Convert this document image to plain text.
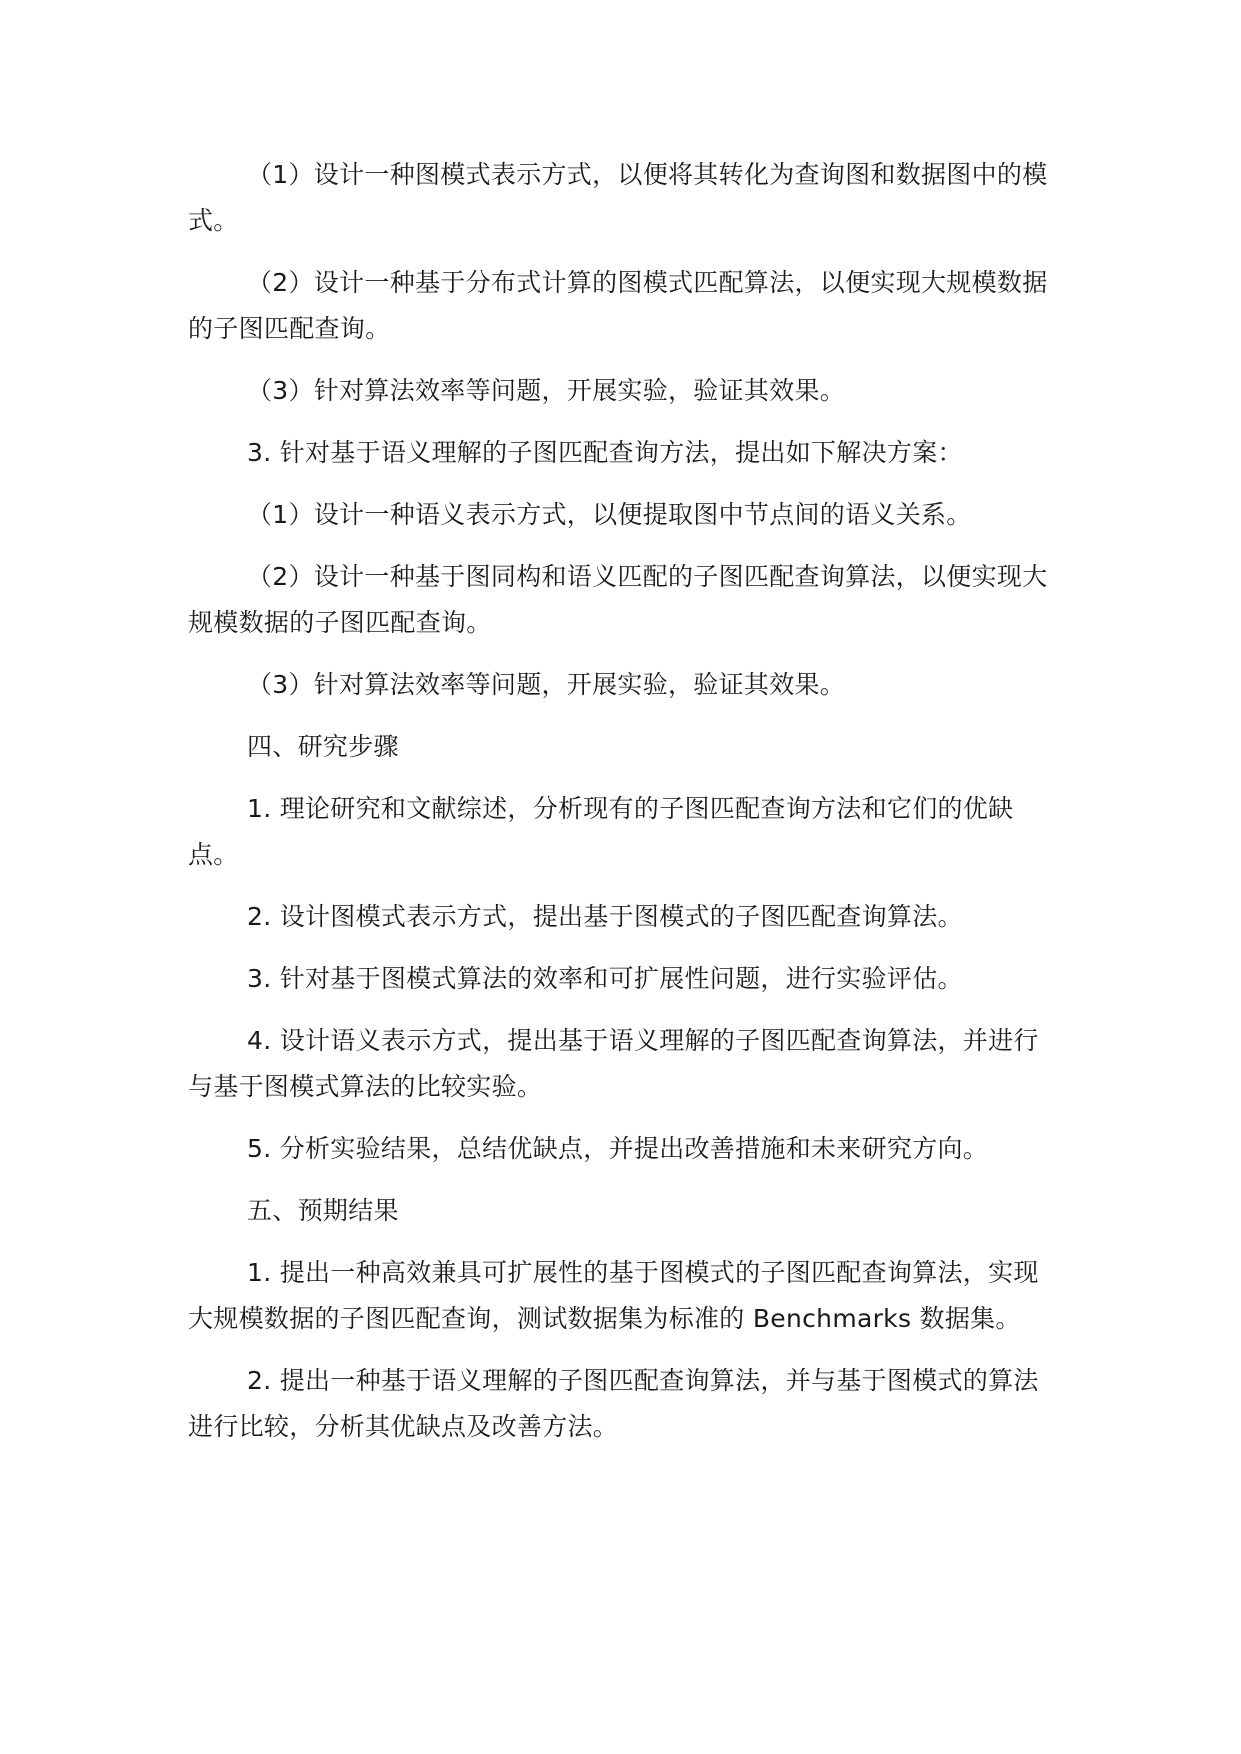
（1）设计一种图模式表示方式，以便将其转化为查询图和数据图中的模式。

（2）设计一种基于分布式计算的图模式匹配算法，以便实现大规模数据的子图匹配查询。

（3）针对算法效率等问题，开展实验，验证其效果。

3. 针对基于语义理解的子图匹配查询方法，提出如下解决方案：

（1）设计一种语义表示方式，以便提取图中节点间的语义关系。

（2）设计一种基于图同构和语义匹配的子图匹配查询算法，以便实现大规模数据的子图匹配查询。

（3）针对算法效率等问题，开展实验，验证其效果。

四、研究步骤

1. 理论研究和文献综述，分析现有的子图匹配查询方法和它们的优缺点。

2. 设计图模式表示方式，提出基于图模式的子图匹配查询算法。

3. 针对基于图模式算法的效率和可扩展性问题，进行实验评估。

4. 设计语义表示方式，提出基于语义理解的子图匹配查询算法，并进行与基于图模式算法的比较实验。

5. 分析实验结果，总结优缺点，并提出改善措施和未来研究方向。

五、预期结果

1. 提出一种高效兼具可扩展性的基于图模式的子图匹配查询算法，实现大规模数据的子图匹配查询，测试数据集为标准的 Benchmarks 数据集。

2. 提出一种基于语义理解的子图匹配查询算法，并与基于图模式的算法进行比较，分析其优缺点及改善方法。
